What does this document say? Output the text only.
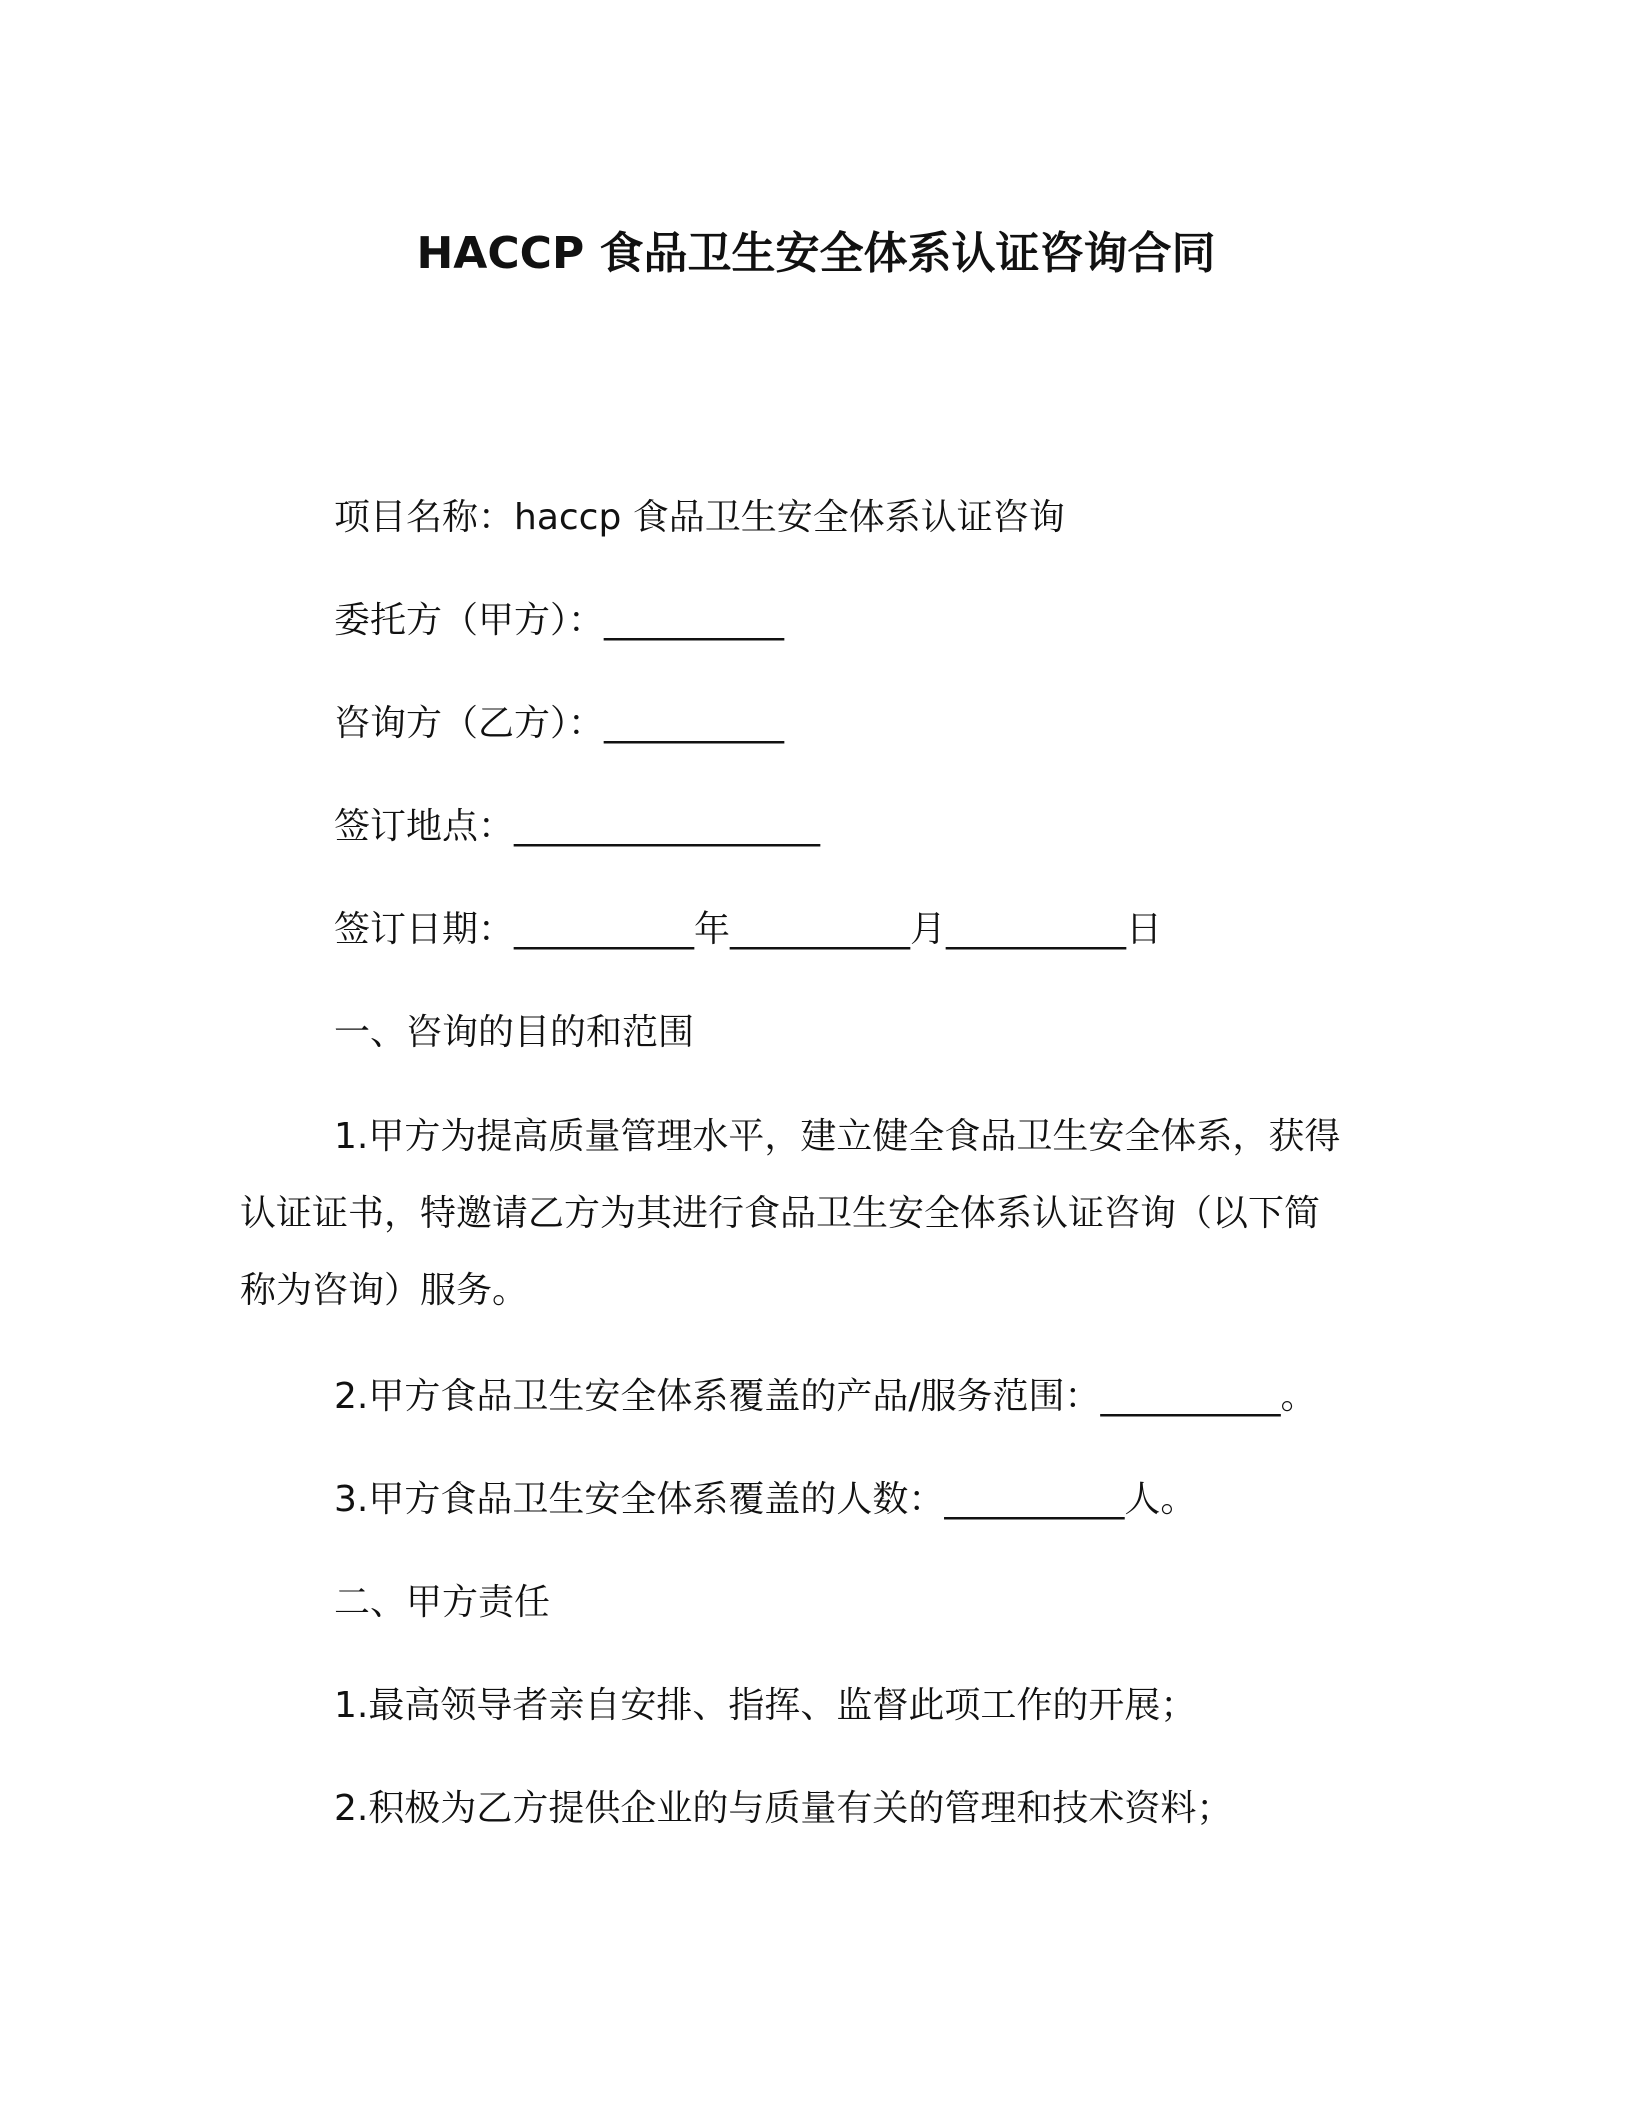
HACCP 食品卫生安全体系认证咨询合同
项目名称：haccp 食品卫生安全体系认证咨询
委托方（甲方）：__________
咨询方（乙方）：__________
签订地点：_________________
签订日期：__________年__________月__________日
一、咨询的目的和范围
1.甲方为提高质量管理水平，建立健全食品卫生安全体系，获得
认证证书，特邀请乙方为其进行食品卫生安全体系认证咨询（以下简
称为咨询）服务。
2.甲方食品卫生安全体系覆盖的产品/服务范围：__________。
3.甲方食品卫生安全体系覆盖的人数：__________人。
二、甲方责任
1.最高领导者亲自安排、指挥、监督此项工作的开展；
2.积极为乙方提供企业的与质量有关的管理和技术资料；
